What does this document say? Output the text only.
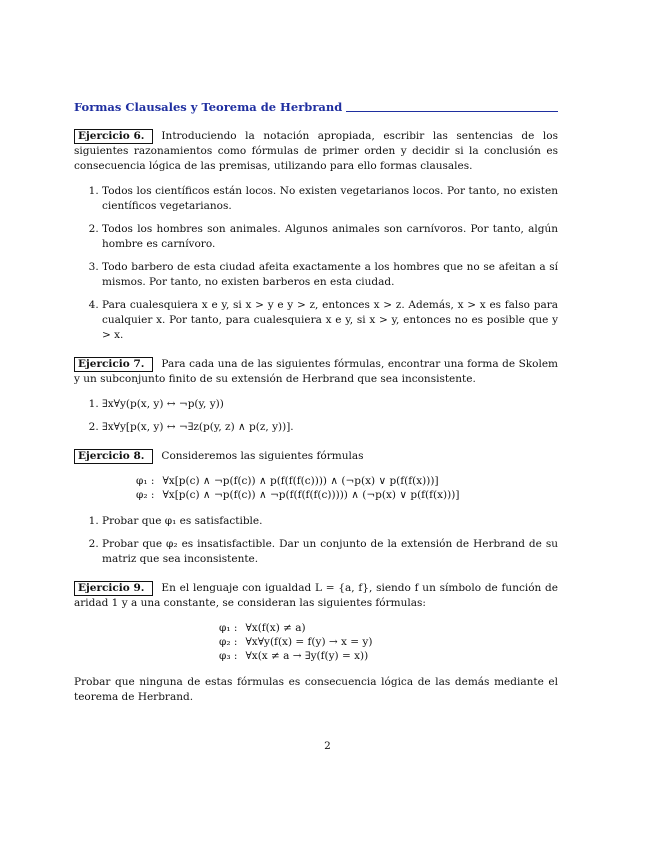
Formas Clausales y Teorema de Herbrand
Ejercicio 6. Introduciendo la notación apropiada, escribir las sentencias de los siguientes razonamientos como fórmulas de primer orden y decidir si la conclusión es consecuencia lógica de las premisas, utilizando para ello formas clausales.
1. Todos los científicos están locos. No existen vegetarianos locos. Por tanto, no existen científicos vegetarianos.
2. Todos los hombres son animales. Algunos animales son carnívoros. Por tanto, algún hombre es carnívoro.
3. Todo barbero de esta ciudad afeita exactamente a los hombres que no se afeitan a sí mismos. Por tanto, no existen barberos en esta ciudad.
4. Para cualesquiera x e y, si x > y e y > z, entonces x > z. Además, x > x es falso para cualquier x. Por tanto, para cualesquiera x e y, si x > y, entonces no es posible que y > x.
Ejercicio 7. Para cada una de las siguientes fórmulas, encontrar una forma de Skolem y un subconjunto finito de su extensión de Herbrand que sea inconsistente.
1. ∃x∀y(p(x, y) ↔ ¬p(y, y))
2. ∃x∀y[p(x, y) ↔ ¬∃z(p(y, z) ∧ p(z, y))].
Ejercicio 8. Consideremos las siguientes fórmulas
φ₁ :	∀x[p(c) ∧ ¬p(f(c)) ∧ p(f(f(f(c)))) ∧ (¬p(x) ∨ p(f(f(x)))]
φ₂ :	∀x[p(c) ∧ ¬p(f(c)) ∧ ¬p(f(f(f(f(c))))) ∧ (¬p(x) ∨ p(f(f(x)))]
1. Probar que φ₁ es satisfactible.
2. Probar que φ₂ es insatisfactible. Dar un conjunto de la extensión de Herbrand de su matriz que sea inconsistente.
Ejercicio 9. En el lenguaje con igualdad L = {a, f}, siendo f un símbolo de función de aridad 1 y a una constante, se consideran las siguientes fórmulas:
φ₁ :	∀x(f(x) ≠ a)
φ₂ :	∀x∀y(f(x) = f(y) → x = y)
φ₃ :	∀x(x ≠ a → ∃y(f(y) = x))
Probar que ninguna de estas fórmulas es consecuencia lógica de las demás mediante el teorema de Herbrand.
2
